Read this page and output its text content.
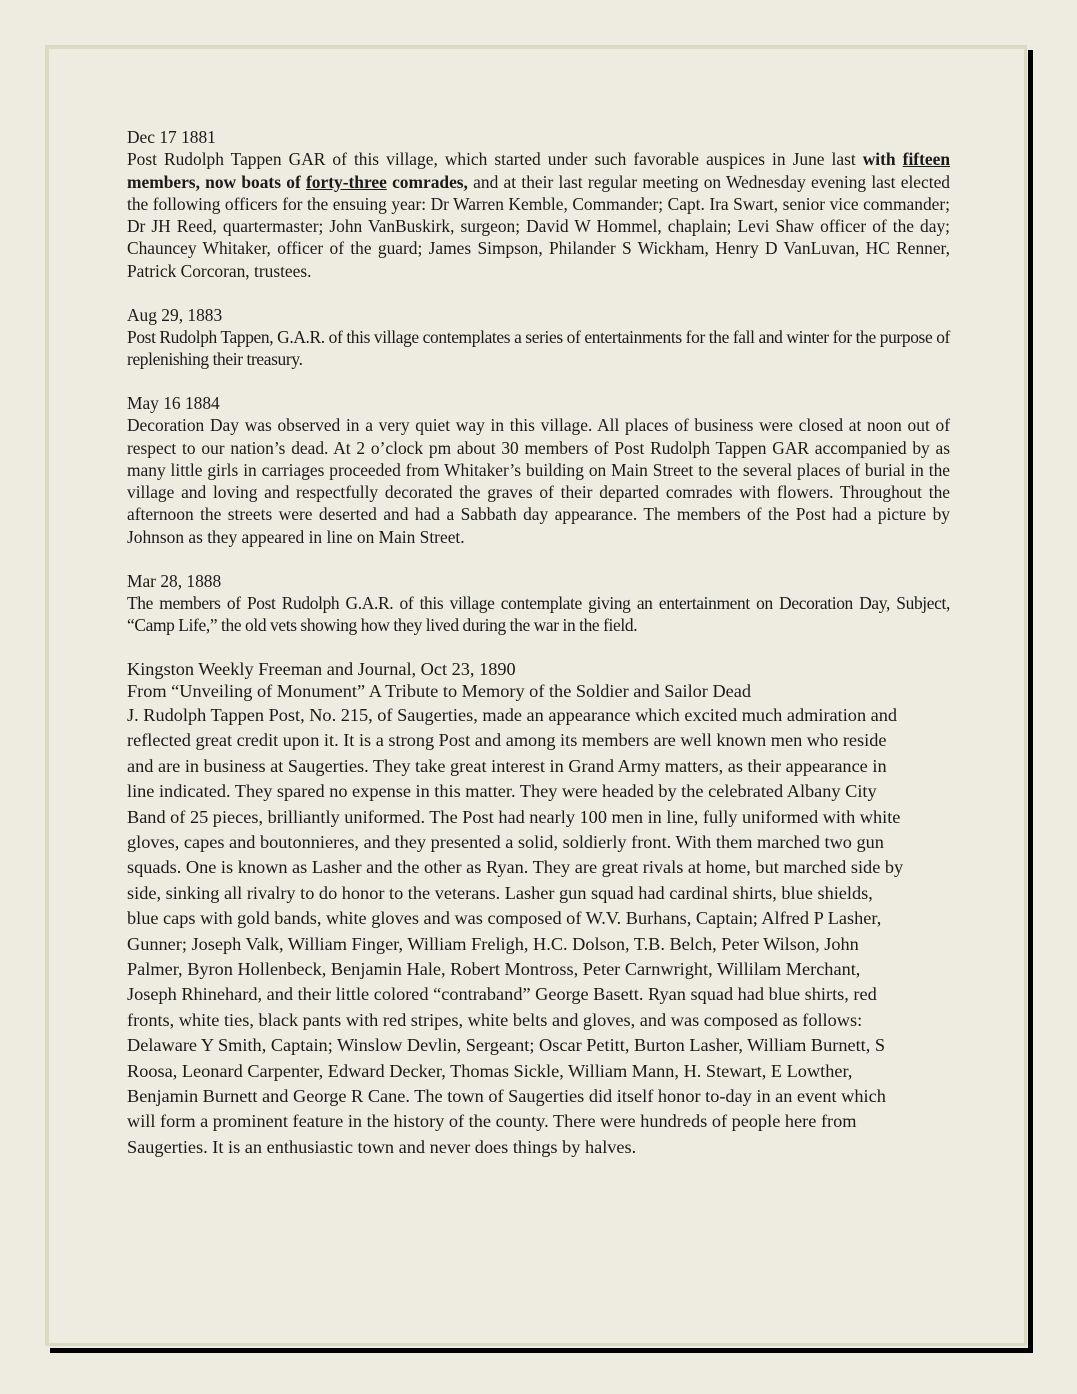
Dec 17 1881
Post Rudolph Tappen GAR of this village, which started under such favorable auspices in June last with fifteen members, now boats of forty-three comrades, and at their last regular meeting on Wednesday evening last elected the following officers for the ensuing year: Dr Warren Kemble, Commander; Capt. Ira Swart, senior vice commander; Dr JH Reed, quartermaster; John VanBuskirk, surgeon; David W Hommel, chaplain; Levi Shaw officer of the day; Chauncey Whitaker, officer of the guard; James Simpson, Philander S Wickham, Henry D VanLuvan, HC Renner, Patrick Corcoran, trustees.
Aug 29, 1883
Post Rudolph Tappen, G.A.R. of this village contemplates a series of entertainments for the fall and winter for the purpose of replenishing their treasury.
May 16 1884
Decoration Day was observed in a very quiet way in this village. All places of business were closed at noon out of respect to our nation’s dead. At 2 o’clock pm about 30 members of Post Rudolph Tappen GAR accompanied by as many little girls in carriages proceeded from Whitaker’s building on Main Street to the several places of burial in the village and loving and respectfully decorated the graves of their departed comrades with flowers. Throughout the afternoon the streets were deserted and had a Sabbath day appearance. The members of the Post had a picture by Johnson as they appeared in line on Main Street.
Mar 28, 1888
The members of Post Rudolph G.A.R. of this village contemplate giving an entertainment on Decoration Day, Subject, “Camp Life,” the old vets showing how they lived during the war in the field.
Kingston Weekly Freeman and Journal, Oct 23, 1890
From “Unveiling of Monument” A Tribute to Memory of the Soldier and Sailor Dead
J. Rudolph Tappen Post, No. 215, of Saugerties, made an appearance which excited much admiration and
reflected great credit upon it. It is a strong Post and among its members are well known men who reside
and are in business at Saugerties. They take great interest in Grand Army matters, as their appearance in
line indicated. They spared no expense in this matter. They were headed by the celebrated Albany City
Band of 25 pieces, brilliantly uniformed. The Post had nearly 100 men in line, fully uniformed with white
gloves, capes and boutonnieres, and they presented a solid, soldierly front. With them marched two gun
squads. One is known as Lasher and the other as Ryan. They are great rivals at home, but marched side by
side, sinking all rivalry to do honor to the veterans. Lasher gun squad had cardinal shirts, blue shields,
blue caps with gold bands, white gloves and was composed of W.V. Burhans, Captain; Alfred P Lasher,
Gunner; Joseph Valk, William Finger, William Freligh, H.C. Dolson, T.B. Belch, Peter Wilson, John
Palmer, Byron Hollenbeck, Benjamin Hale, Robert Montross, Peter Carnwright, Willilam Merchant,
Joseph Rhinehard, and their little colored “contraband” George Basett. Ryan squad had blue shirts, red
fronts, white ties, black pants with red stripes, white belts and gloves, and was composed as follows:
Delaware Y Smith, Captain; Winslow Devlin, Sergeant; Oscar Petitt, Burton Lasher, William Burnett, S
Roosa, Leonard Carpenter, Edward Decker, Thomas Sickle, William Mann, H. Stewart, E Lowther,
Benjamin Burnett and George R Cane. The town of Saugerties did itself honor to-day in an event which
will form a prominent feature in the history of the county. There were hundreds of people here from
Saugerties. It is an enthusiastic town and never does things by halves.
